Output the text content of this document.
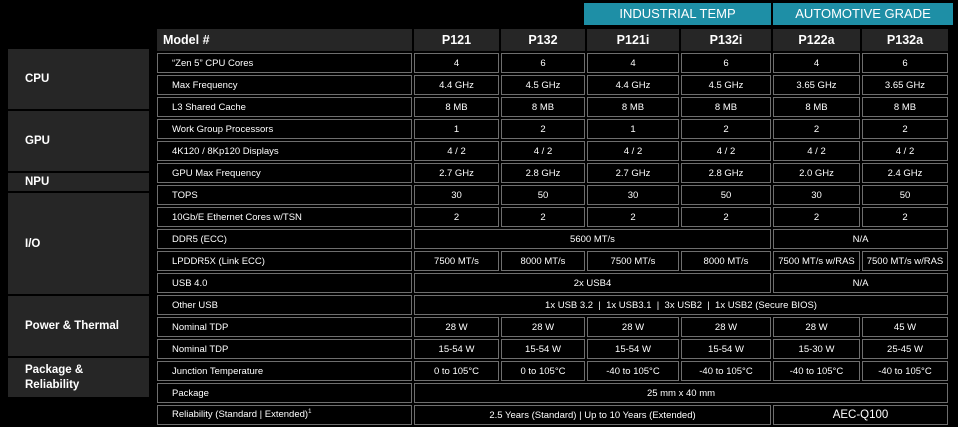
INDUSTRIAL TEMP	AUTOMOTIVE GRADE
CPU
GPU
NPU
I/O
Power & Thermal
Package &
Reliability
Model #	P121	P132	P121i	P132i	P122a	P132a
“Zen 5” CPU Cores	4	6	4	6	4	6
Max Frequency	4.4 GHz	4.5 GHz	4.4 GHz	4.5 GHz	3.65 GHz	3.65 GHz
L3 Shared Cache	8 MB	8 MB	8 MB	8 MB	8 MB	8 MB
Work Group Processors	1	2	1	2	2	2
4K120 / 8Kp120 Displays	4 / 2	4 / 2	4 / 2	4 / 2	4 / 2	4 / 2
GPU Max Frequency	2.7 GHz	2.8 GHz	2.7 GHz	2.8 GHz	2.0 GHz	2.4 GHz
TOPS	30	50	30	50	30	50
10Gb/E Ethernet Cores w/TSN	2	2	2	2	2	2
DDR5 (ECC)	5600 MT/s				N/A	
LPDDR5X (Link ECC)	7500 MT/s	8000 MT/s	7500 MT/s	8000 MT/s	7500 MT/s w/RAS	7500 MT/s w/RAS
USB 4.0	2x USB4				N/A	
Other USB	1x USB 3.2  |  1x USB3.1  |  3x USB2  |  1x USB2 (Secure BIOS)					
Nominal TDP	28 W	28 W	28 W	28 W	28 W	45 W
Nominal TDP	15-54 W	15-54 W	15-54 W	15-54 W	15-30 W	25-45 W
Junction Temperature	0 to 105°C	0 to 105°C	-40 to 105°C	-40 to 105°C	-40 to 105°C	-40 to 105°C
Package	25 mm x 40 mm					
Reliability (Standard | Extended)$^1$	2.5 Years (Standard) | Up to 10 Years (Extended)				AEC-Q100	
